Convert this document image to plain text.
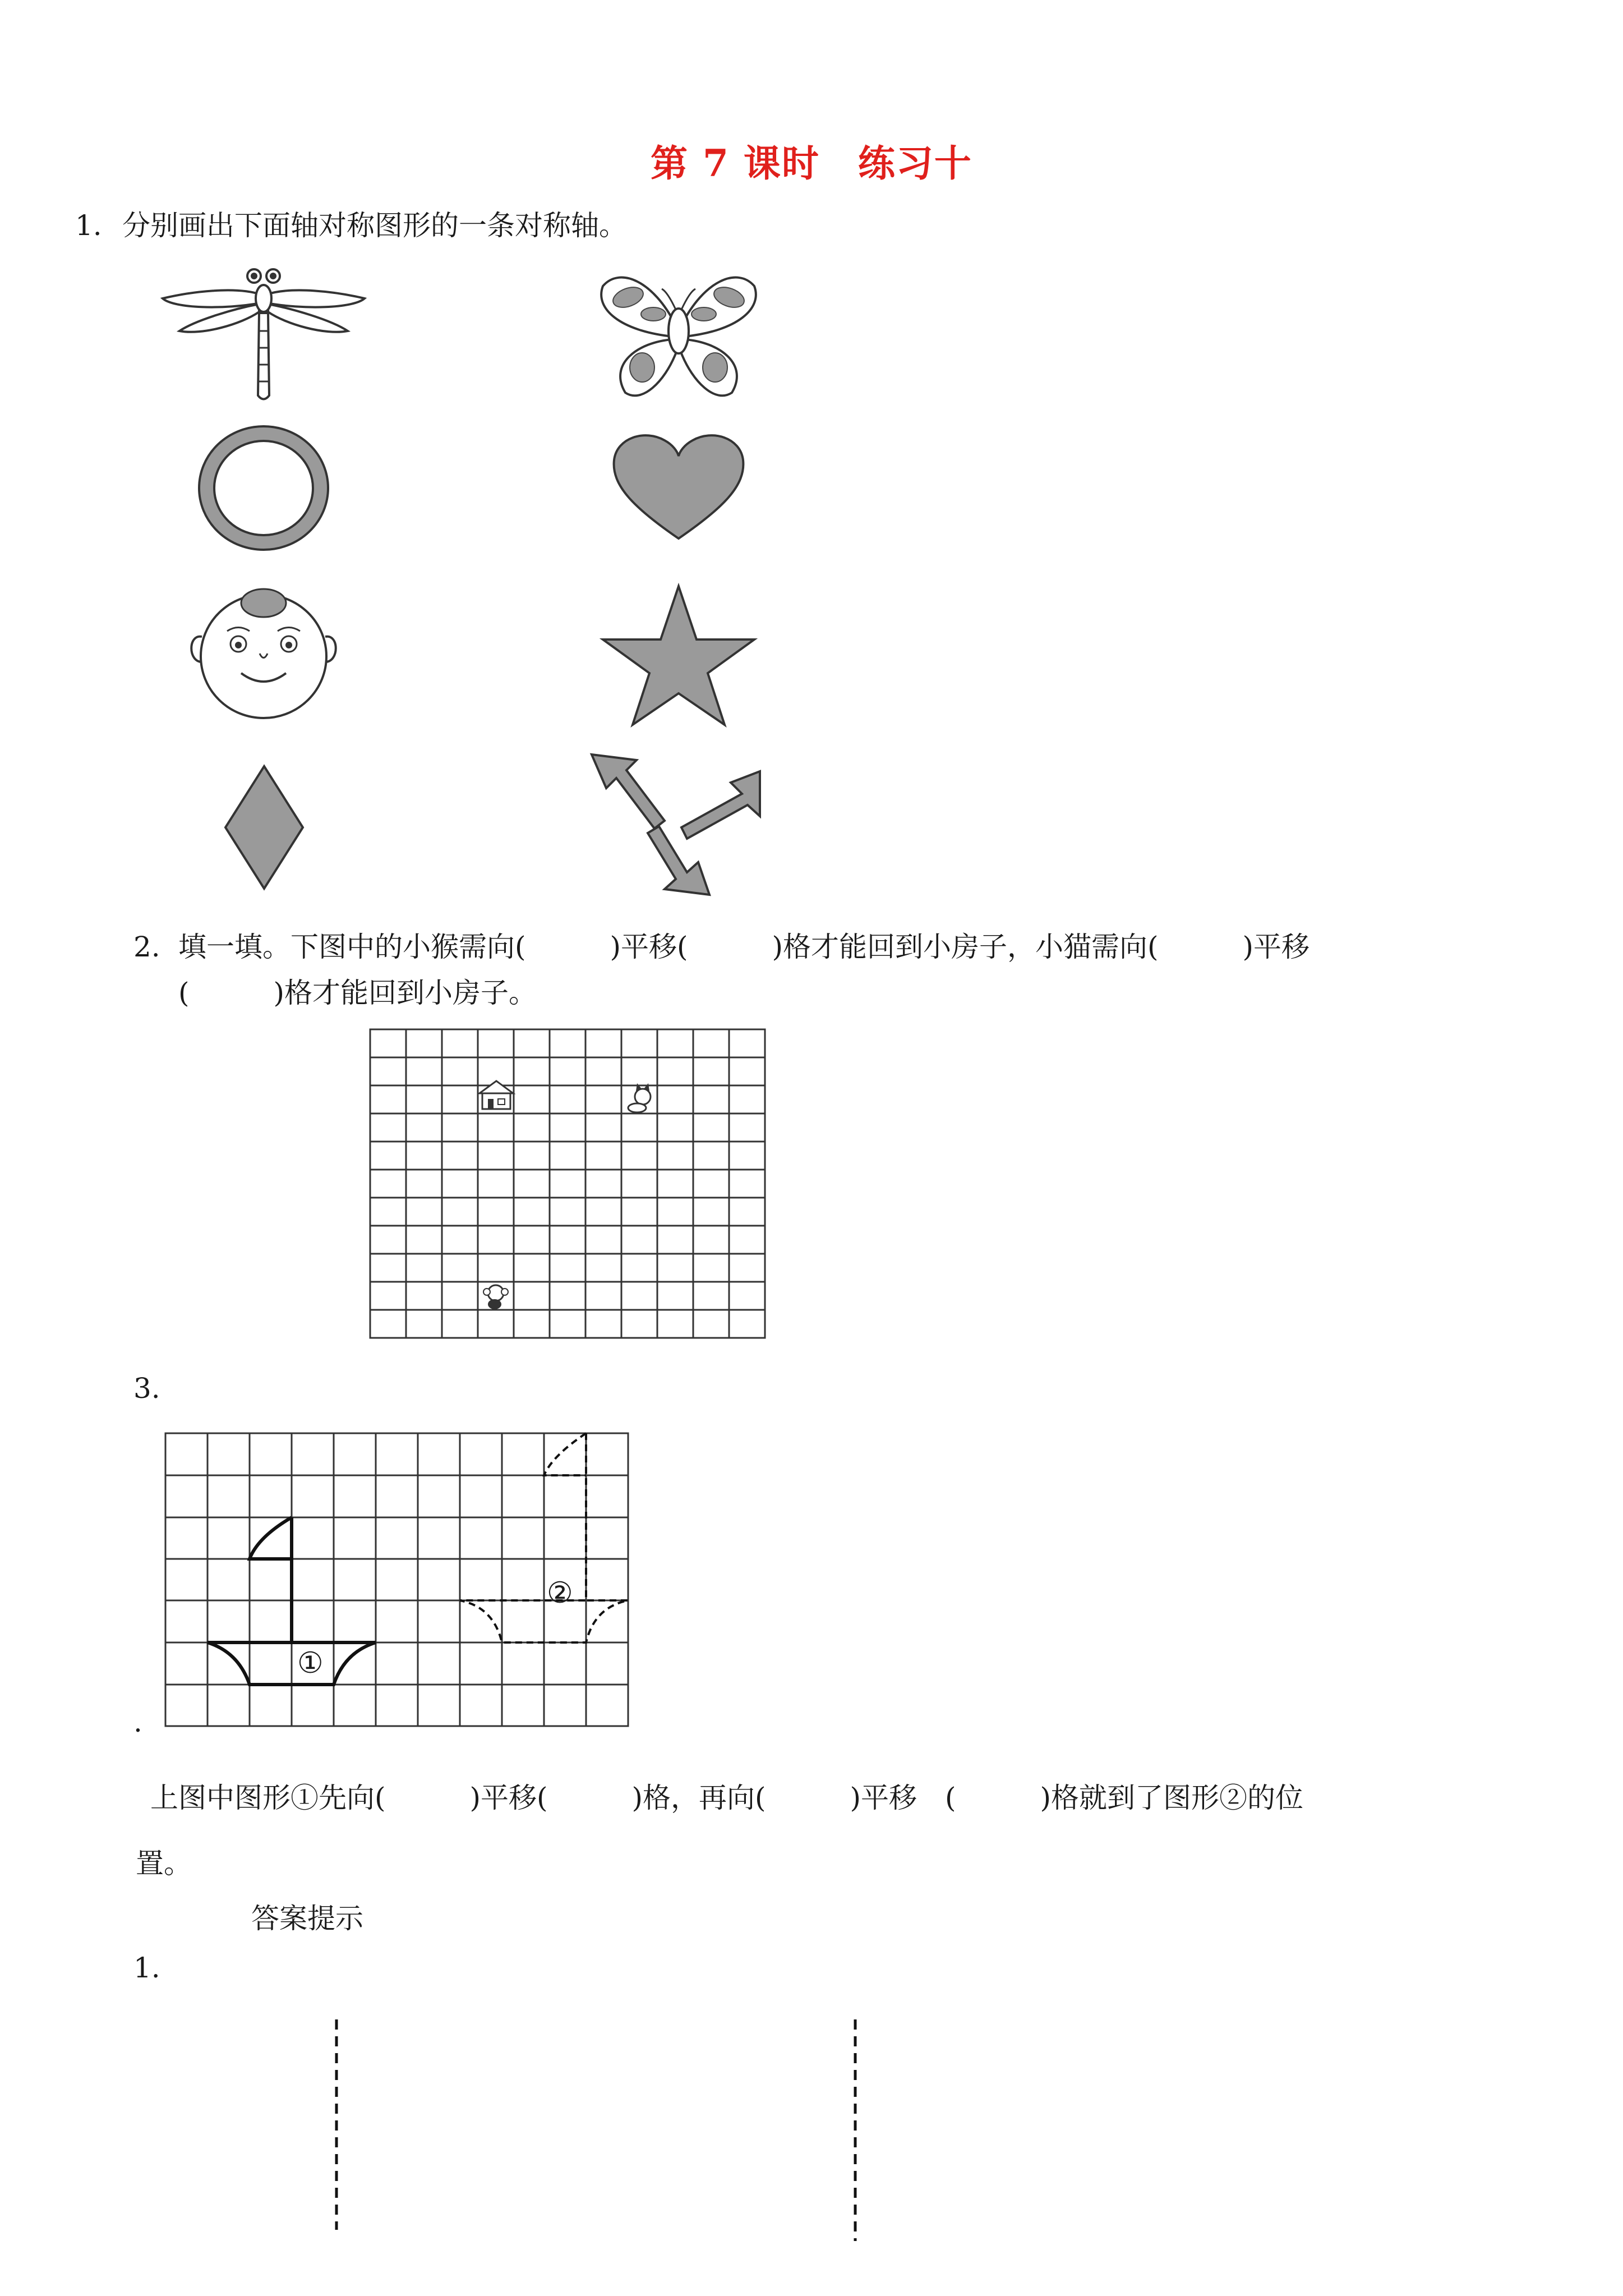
第 7 课时　练习十
1. 分别画出下面轴对称图形的一条对称轴。
2. 填一填。下图中的小猴需向(　　　)平移(　　　)格才能回到小房子，小猫需向(　　　)平移
(　　　)格才能回到小房子。
3.
①
②
.
上图中图形①先向(　　　)平移(　　　)格，再向(　　　)平移　(　　　)格就到了图形②的位
置。
答案提示
1.
